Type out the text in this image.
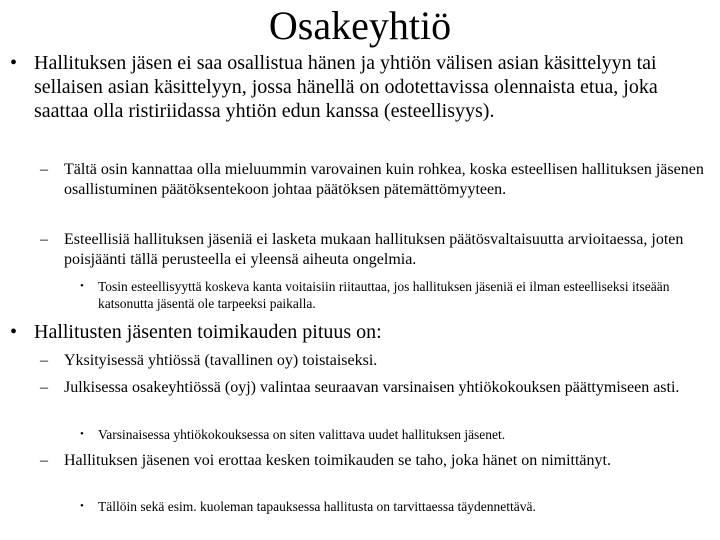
Osakeyhtiö
• Hallituksen jäsen ei saa osallistua hänen ja yhtiön välisen asian käsittelyyn tai sellaisen asian käsittelyyn, jossa hänellä on odotettavissa olennaista etua, joka saattaa olla ristiriidassa yhtiön edun kanssa (esteellisyys).
– Tältä osin kannattaa olla mieluummin varovainen kuin rohkea, koska esteellisen hallituksen jäsenen osallistuminen päätöksentekoon johtaa päätöksen pätemättömyyteen.
– Esteellisiä hallituksen jäseniä ei lasketa mukaan hallituksen päätösvaltaisuutta arvioitaessa, joten poisjäänti tällä perusteella ei yleensä aiheuta ongelmia.
• Tosin esteellisyyttä koskeva kanta voitaisiin riitauttaa, jos hallituksen jäseniä ei ilman esteelliseksi itseään katsonutta jäsentä ole tarpeeksi paikalla.
• Hallitusten jäsenten toimikauden pituus on:
– Yksityisessä yhtiössä (tavallinen oy) toistaiseksi.
– Julkisessa osakeyhtiössä (oyj) valintaa seuraavan varsinaisen yhtiökokouksen päättymiseen asti.
• Varsinaisessa yhtiökokouksessa on siten valittava uudet hallituksen jäsenet.
– Hallituksen jäsenen voi erottaa kesken toimikauden se taho, joka hänet on nimittänyt.
• Tällöin sekä esim. kuoleman tapauksessa hallitusta on tarvittaessa täydennettävä.
